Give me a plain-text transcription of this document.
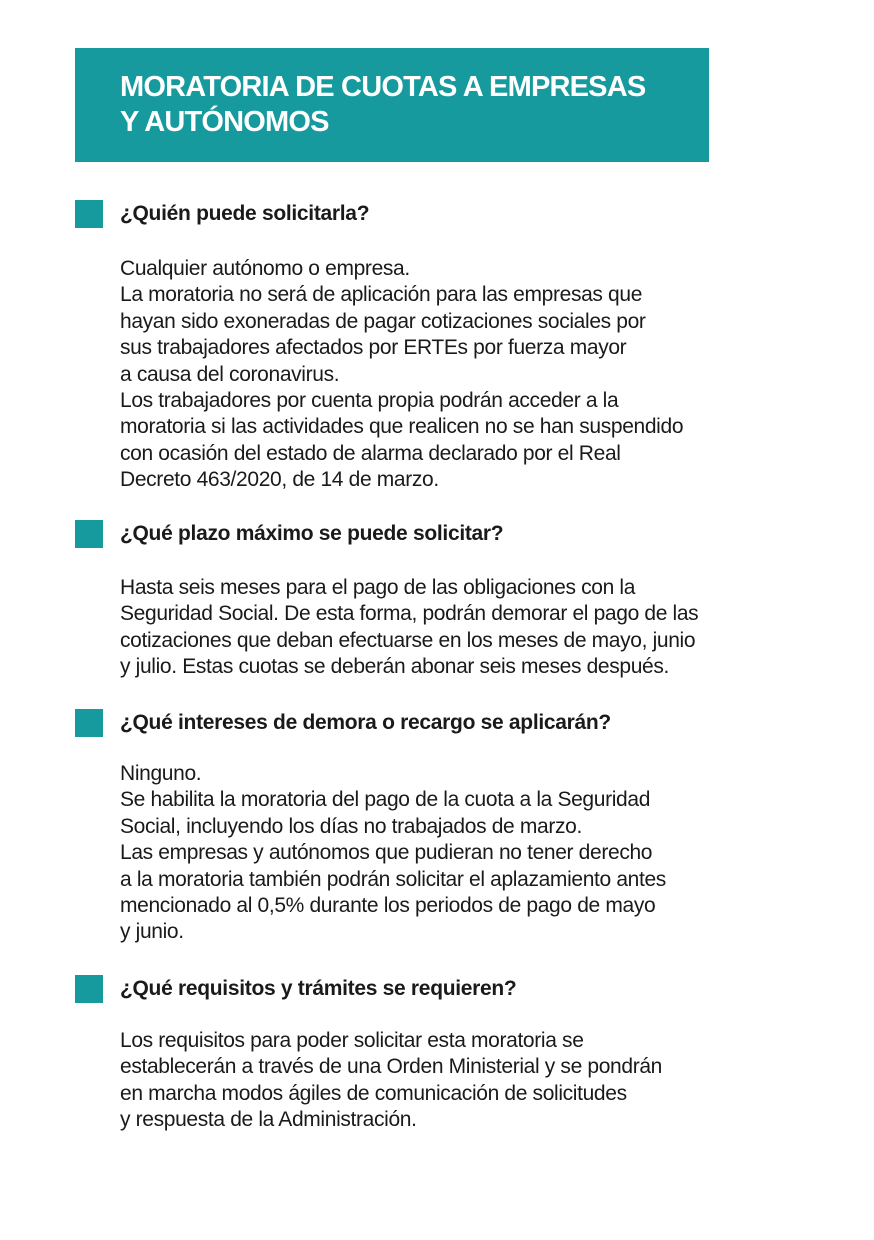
MORATORIA DE CUOTAS A EMPRESAS
Y AUTÓNOMOS
¿Quién puede solicitarla?
Cualquier autónomo o empresa.
La moratoria no será de aplicación para las empresas que
hayan sido exoneradas de pagar cotizaciones sociales por
sus trabajadores afectados por ERTEs por fuerza mayor
a causa del coronavirus.
Los trabajadores por cuenta propia podrán acceder a la
moratoria si las actividades que realicen no se han suspendido
con ocasión del estado de alarma declarado por el Real
Decreto 463/2020, de 14 de marzo.
¿Qué plazo máximo se puede solicitar?
Hasta seis meses para el pago de las obligaciones con la
Seguridad Social. De esta forma, podrán demorar el pago de las
cotizaciones que deban efectuarse en los meses de mayo, junio
y julio. Estas cuotas se deberán abonar seis meses después.
¿Qué intereses de demora o recargo se aplicarán?
Ninguno.
Se habilita la moratoria del pago de la cuota a la Seguridad
Social, incluyendo los días no trabajados de marzo.
Las empresas y autónomos que pudieran no tener derecho
a la moratoria también podrán solicitar el aplazamiento antes
mencionado al 0,5% durante los periodos de pago de mayo
y junio.
¿Qué requisitos y trámites se requieren?
Los requisitos para poder solicitar esta moratoria se
establecerán a través de una Orden Ministerial y se pondrán
en marcha modos ágiles de comunicación de solicitudes
y respuesta de la Administración.
